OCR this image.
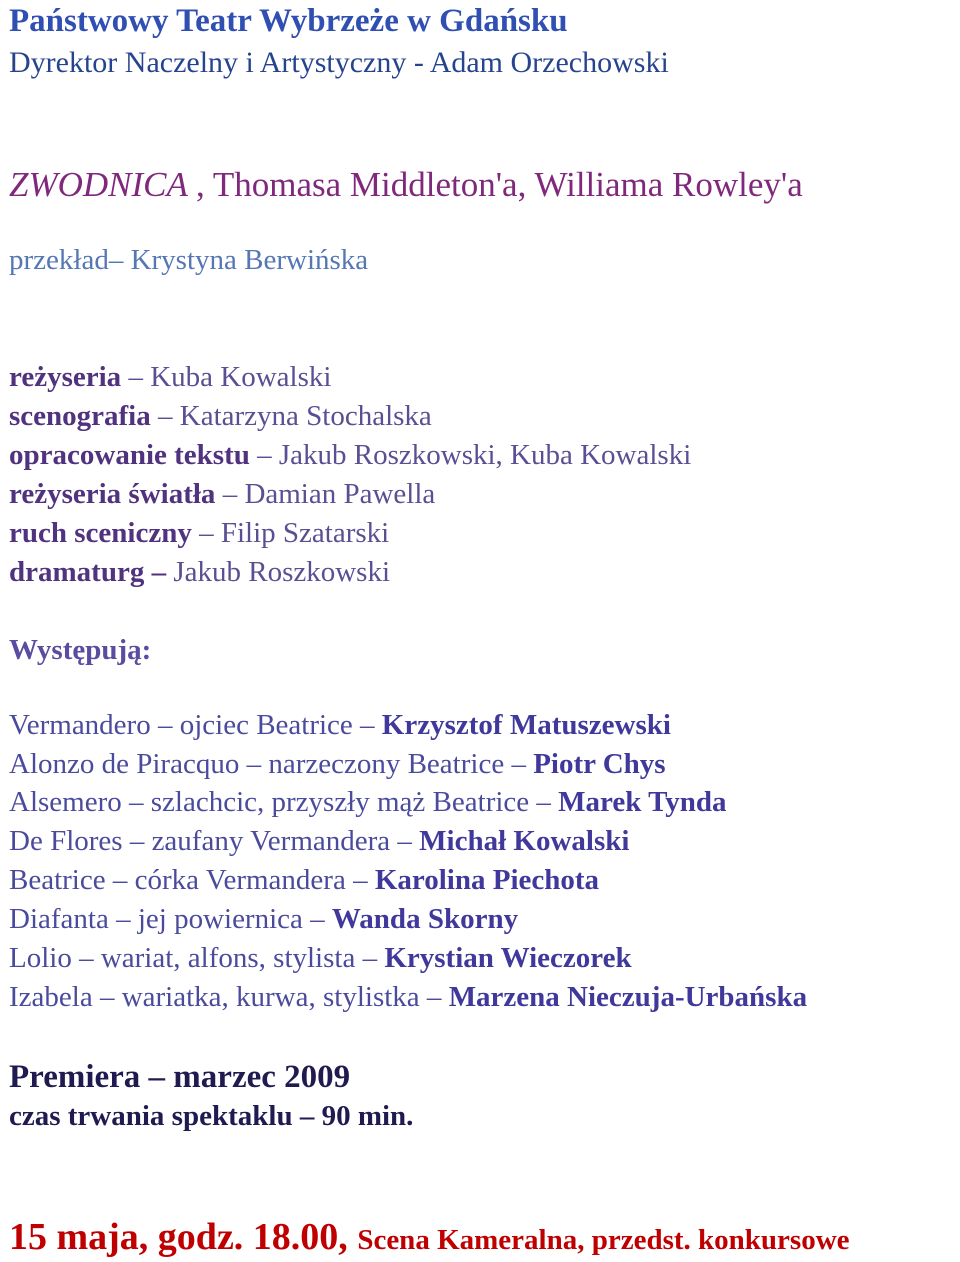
Państwowy Teatr Wybrzeże w Gdańsku
Dyrektor Naczelny i Artystyczny - Adam Orzechowski
ZWODNICA , Thomasa Middleton'a, Williama Rowley'a
przekład– Krystyna Berwińska
reżyseria – Kuba Kowalski
scenografia – Katarzyna Stochalska
opracowanie tekstu – Jakub Roszkowski, Kuba Kowalski
reżyseria światła – Damian Pawella
ruch sceniczny – Filip Szatarski
dramaturg – Jakub Roszkowski
Występują:
Vermandero – ojciec Beatrice – Krzysztof Matuszewski
Alonzo de Piracquo – narzeczony Beatrice – Piotr Chys
Alsemero – szlachcic, przyszły mąż Beatrice – Marek Tynda
De Flores – zaufany Vermandera – Michał Kowalski
Beatrice – córka Vermandera – Karolina Piechota
Diafanta – jej powiernica – Wanda Skorny
Lolio – wariat, alfons, stylista – Krystian Wieczorek
Izabela – wariatka, kurwa, stylistka – Marzena Nieczuja-Urbańska
Premiera – marzec 2009
czas trwania spektaklu – 90 min.
15 maja, godz. 18.00, Scena Kameralna, przedst. konkursowe
